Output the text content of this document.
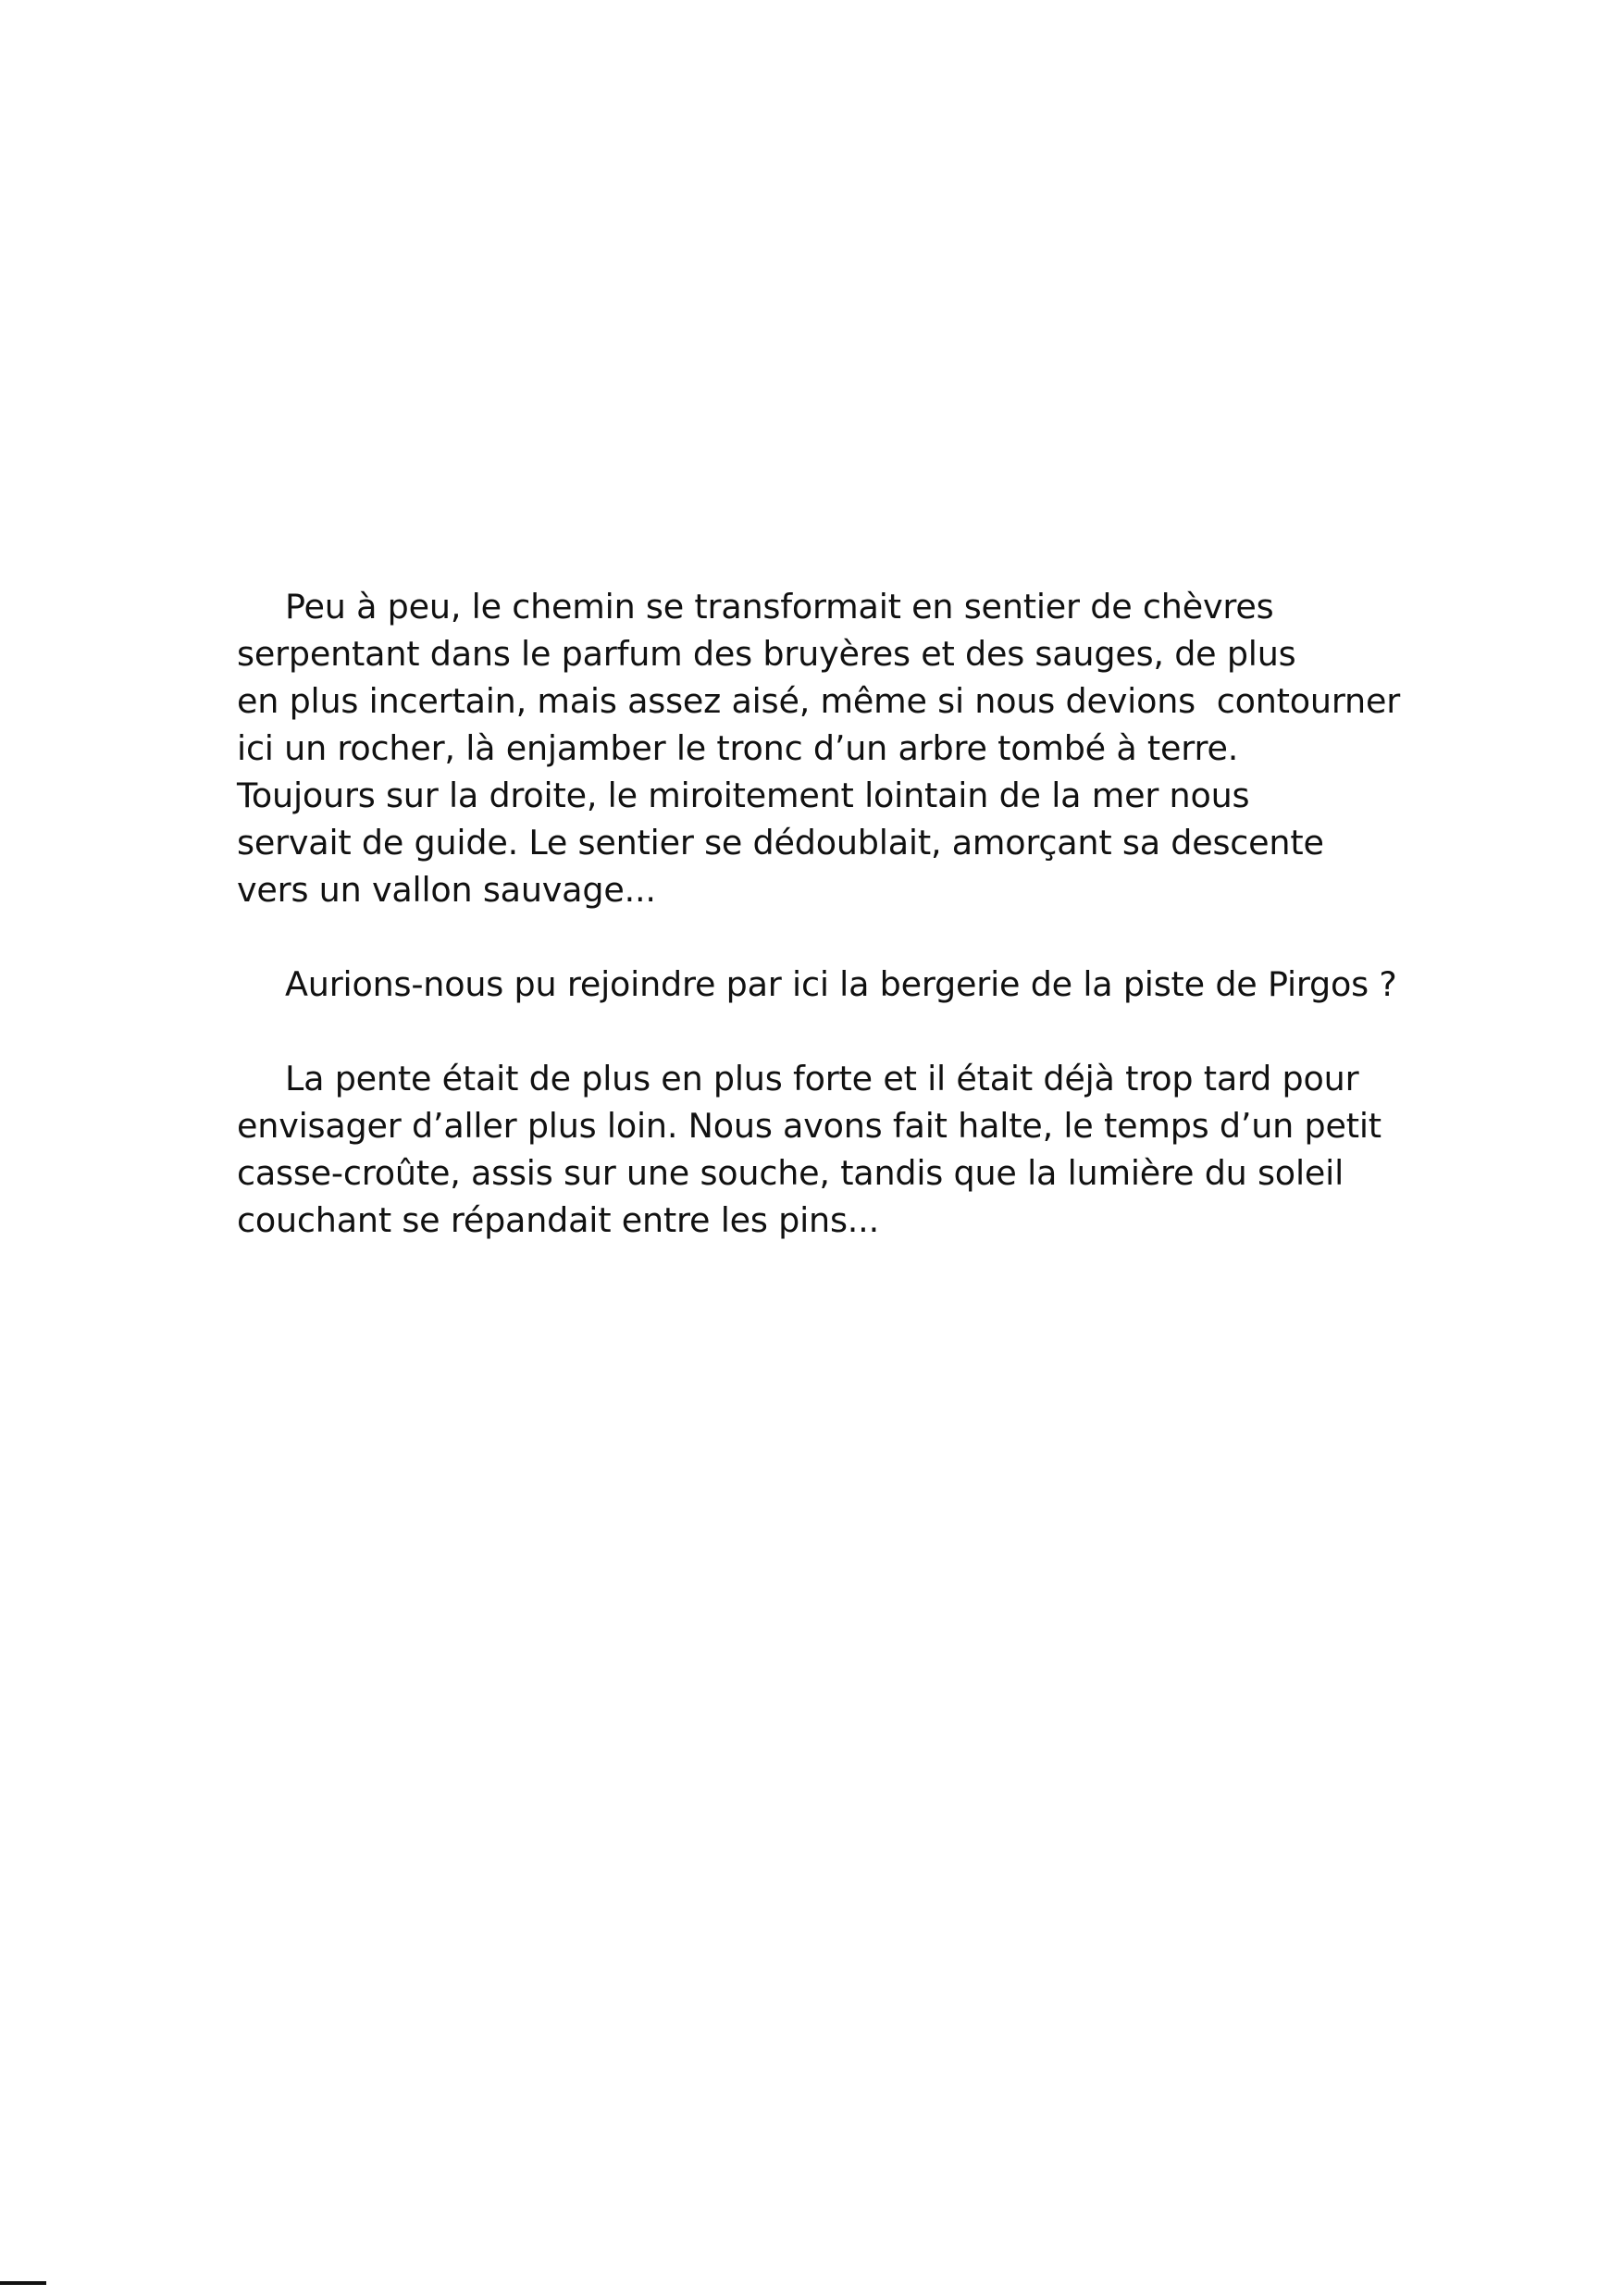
Peu à peu, le chemin se transformait en sentier de chèvres
serpentant dans le parfum des bruyères et des sauges, de plus
en plus incertain, mais assez aisé, même si nous devions  contourner
ici un rocher, là enjamber le tronc d’un arbre tombé à terre.
Toujours sur la droite, le miroitement lointain de la mer nous
servait de guide. Le sentier se dédoublait, amorçant sa descente
vers un vallon sauvage...

Aurions-nous pu rejoindre par ici la bergerie de la piste de Pirgos ?

La pente était de plus en plus forte et il était déjà trop tard pour
envisager d’aller plus loin. Nous avons fait halte, le temps d’un petit
casse-croûte, assis sur une souche, tandis que la lumière du soleil
couchant se répandait entre les pins...
